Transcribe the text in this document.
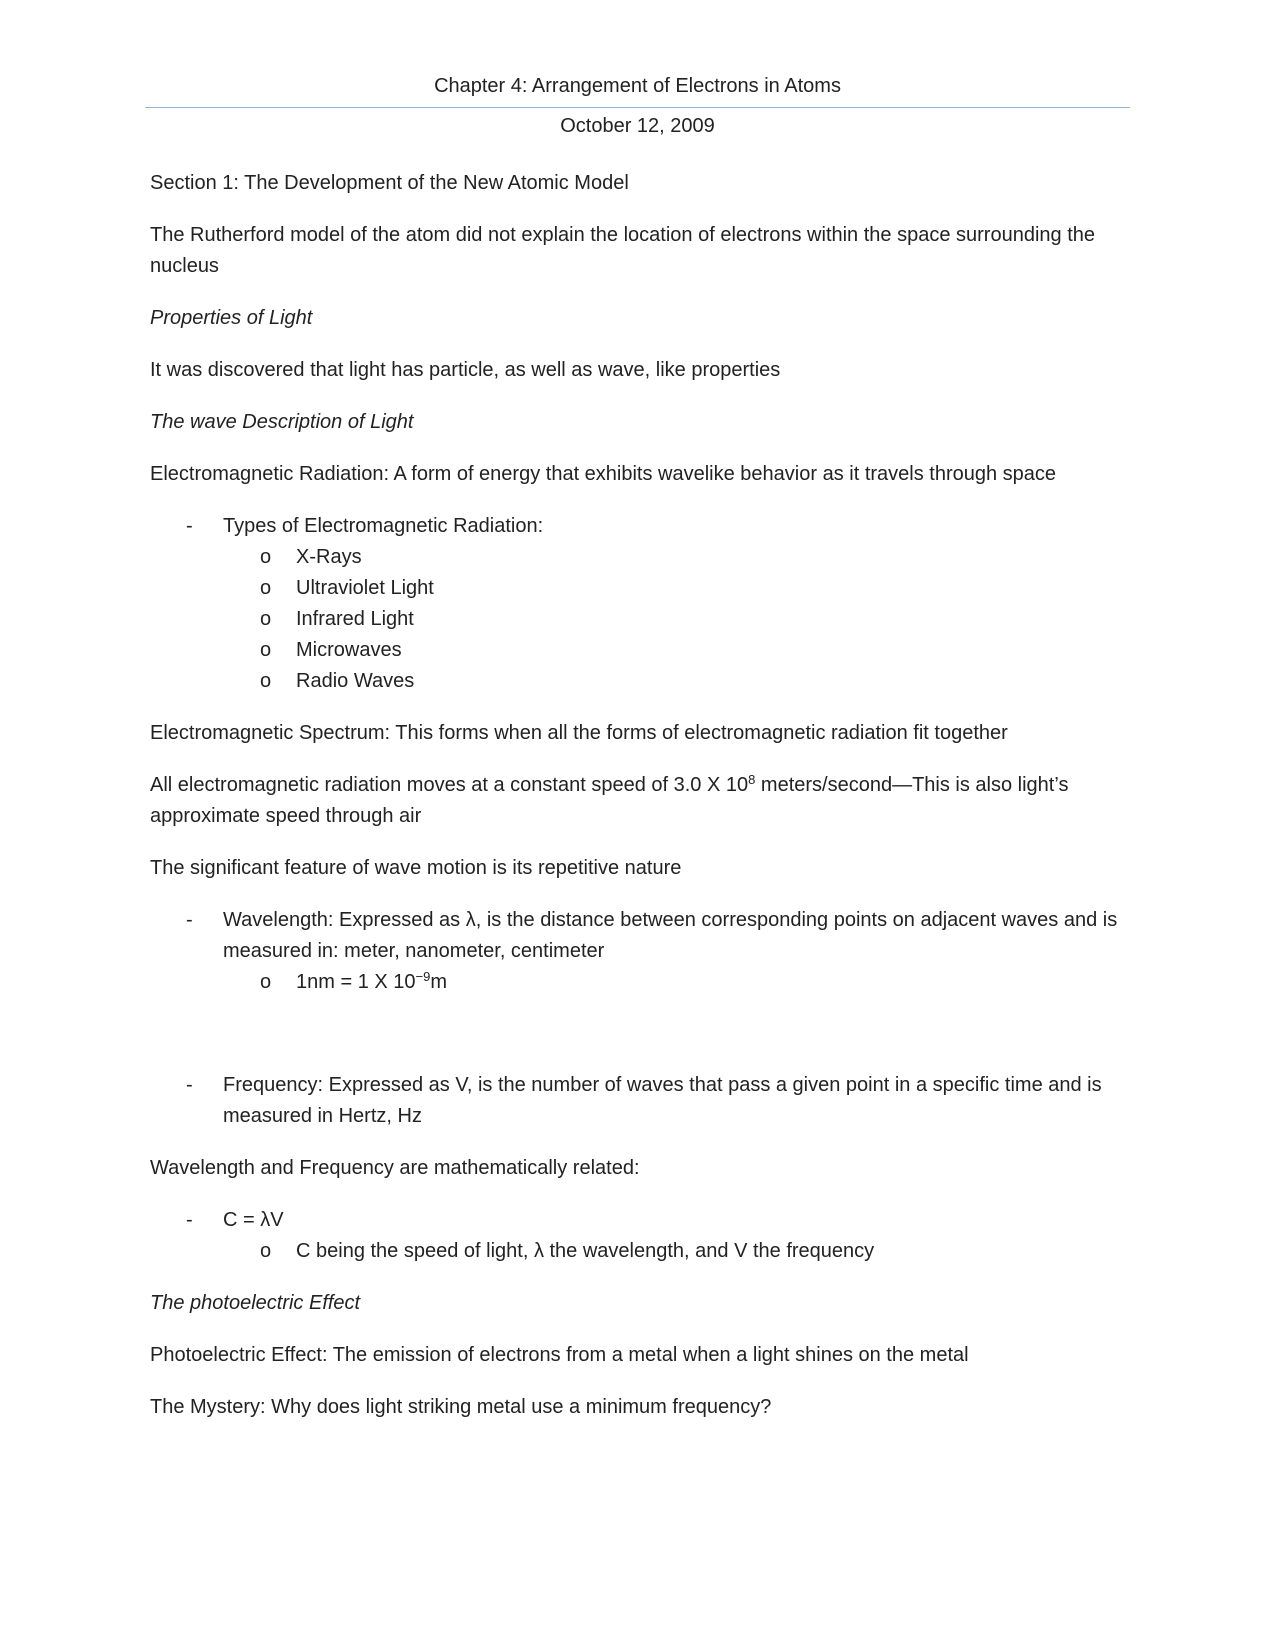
Chapter 4: Arrangement of Electrons in Atoms
October 12, 2009

Section 1: The Development of the New Atomic Model

The Rutherford model of the atom did not explain the location of electrons within the space surrounding the nucleus

Properties of Light

It was discovered that light has particle, as well as wave, like properties

The wave Description of Light

Electromagnetic Radiation: A form of energy that exhibits wavelike behavior as it travels through space

- Types of Electromagnetic Radiation:
o X-Rays
o Ultraviolet Light
o Infrared Light
o Microwaves
o Radio Waves

Electromagnetic Spectrum: This forms when all the forms of electromagnetic radiation fit together

All electromagnetic radiation moves at a constant speed of 3.0 X $10^8$ meters/second—This is also light’s approximate speed through air

The significant feature of wave motion is its repetitive nature

- Wavelength: Expressed as λ, is the distance between corresponding points on adjacent waves and is measured in: meter, nanometer, centimeter
o 1nm = 1 X $10^{-9}m$
- Frequency: Expressed as V, is the number of waves that pass a given point in a specific time and is measured in Hertz, Hz

Wavelength and Frequency are mathematically related:

- C = λV
o C being the speed of light, λ the wavelength, and V the frequency

The photoelectric Effect

Photoelectric Effect: The emission of electrons from a metal when a light shines on the metal

The Mystery: Why does light striking metal use a minimum frequency?
